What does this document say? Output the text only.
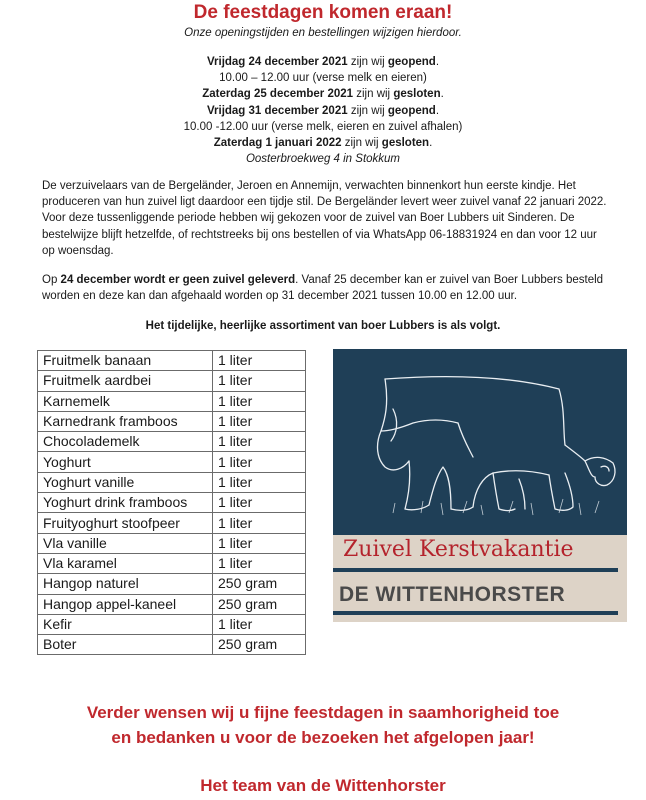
De feestdagen komen eraan!
Onze openingstijden en bestellingen wijzigen hierdoor.
Vrijdag 24 december 2021 zijn wij geopend.
10.00 – 12.00 uur (verse melk en eieren)
Zaterdag 25 december 2021 zijn wij gesloten.
Vrijdag 31 december 2021 zijn wij geopend.
10.00 -12.00 uur (verse melk, eieren en zuivel afhalen)
Zaterdag 1 januari 2022 zijn wij gesloten.
Oosterbroekweg 4 in Stokkum
De verzuivelaars van de Bergeländer, Jeroen en Annemijn, verwachten binnenkort hun eerste kindje. Het produceren van hun zuivel ligt daardoor een tijdje stil. De Bergeländer levert weer zuivel vanaf 22 januari 2022. Voor deze tussenliggende periode hebben wij gekozen voor de zuivel van Boer Lubbers uit Sinderen. De bestelwijze blijft hetzelfde, of rechtstreeks bij ons bestellen of via WhatsApp 06-18831924 en dan voor 12 uur op woensdag.
Op 24 december wordt er geen zuivel geleverd. Vanaf 25 december kan er zuivel van Boer Lubbers besteld worden en deze kan dan afgehaald worden op 31 december 2021 tussen 10.00 en 12.00 uur.
Het tijdelijke, heerlijke assortiment van boer Lubbers is als volgt.
Fruitmelk banaan	1 liter
Fruitmelk aardbei	1 liter
Karnemelk	1 liter
Karnedrank framboos	1 liter
Chocolademelk	1 liter
Yoghurt	1 liter
Yoghurt vanille	1 liter
Yoghurt drink framboos	1 liter
Fruityoghurt stoofpeer	1 liter
Vla vanille	1 liter
Vla karamel	1 liter
Hangop naturel	250 gram
Hangop appel-kaneel	250 gram
Kefir	1 liter
Boter	250 gram
Zuivel Kerstvakantie
DE WITTENHORSTER
Verder wensen wij u fijne feestdagen in saamhorigheid toe
en bedanken u voor de bezoeken het afgelopen jaar!
Het team van de Wittenhorster
